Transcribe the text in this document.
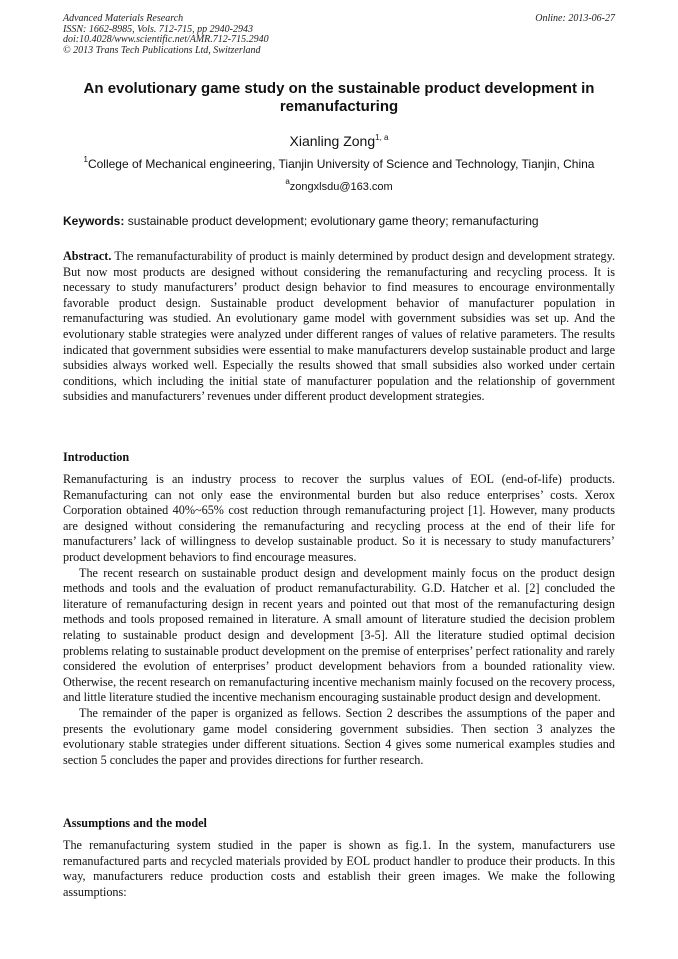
Advanced Materials Research
ISSN: 1662-8985, Vols. 712-715, pp 2940-2943
doi:10.4028/www.scientific.net/AMR.712-715.2940
© 2013 Trans Tech Publications Ltd, Switzerland
Online: 2013-06-27
An evolutionary game study on the sustainable product development in remanufacturing
Xianling Zong$^{1, a}$
$^1$College of Mechanical engineering, Tianjin University of Science and Technology, Tianjin, China
$^a$zongxlsdu@163.com
Keywords: sustainable product development; evolutionary game theory; remanufacturing

Abstract. The remanufacturability of product is mainly determined by product design and development strategy. But now most products are designed without considering the remanufacturing and recycling process. It is necessary to study manufacturers’ product design behavior to find measures to encourage environmentally favorable product design. Sustainable product development behavior of manufacturer population in remanufacturing was studied. An evolutionary game model with government subsidies was set up. And the evolutionary stable strategies were analyzed under different ranges of values of relative parameters. The results indicated that government subsidies were essential to make manufacturers develop sustainable product and large subsidies always worked well. Especially the results showed that small subsidies also worked under certain conditions, which including the initial state of manufacturer population and the relationship of government subsidies and manufacturers’ revenues under different product development strategies.

Introduction

Remanufacturing is an industry process to recover the surplus values of EOL (end-of-life) products. Remanufacturing can not only ease the environmental burden but also reduce enterprises’ costs. Xerox Corporation obtained 40%~65% cost reduction through remanufacturing project [1]. However, many products are designed without considering the remanufacturing and recycling process at the end of their life for manufacturers’ lack of willingness to develop sustainable product. So it is necessary to study manufacturers’ product development behaviors to find encourage measures.

The recent research on sustainable product design and development mainly focus on the product design methods and tools and the evaluation of product remanufacturability. G.D. Hatcher et al. [2] concluded the literature of remanufacturing design in recent years and pointed out that most of the remanufacturing design methods and tools proposed remained in literature. A small amount of literature studied the decision problem relating to sustainable product design and development [3-5]. All the literature studied optimal decision problems relating to sustainable product development on the premise of enterprises’ perfect rationality and rarely considered the evolution of enterprises’ product development behaviors from a bounded rationality view. Otherwise, the recent research on remanufacturing incentive mechanism mainly focused on the recovery process, and little literature studied the incentive mechanism encouraging sustainable product design and development.

The remainder of the paper is organized as fellows. Section 2 describes the assumptions of the paper and presents the evolutionary game model considering government subsidies. Then section 3 analyzes the evolutionary stable strategies under different situations. Section 4 gives some numerical examples studies and section 5 concludes the paper and provides directions for further research.

Assumptions and the model

The remanufacturing system studied in the paper is shown as fig.1. In the system, manufacturers use remanufactured parts and recycled materials provided by EOL product handler to produce their products. In this way, manufacturers reduce production costs and establish their green images. We make the following assumptions:
